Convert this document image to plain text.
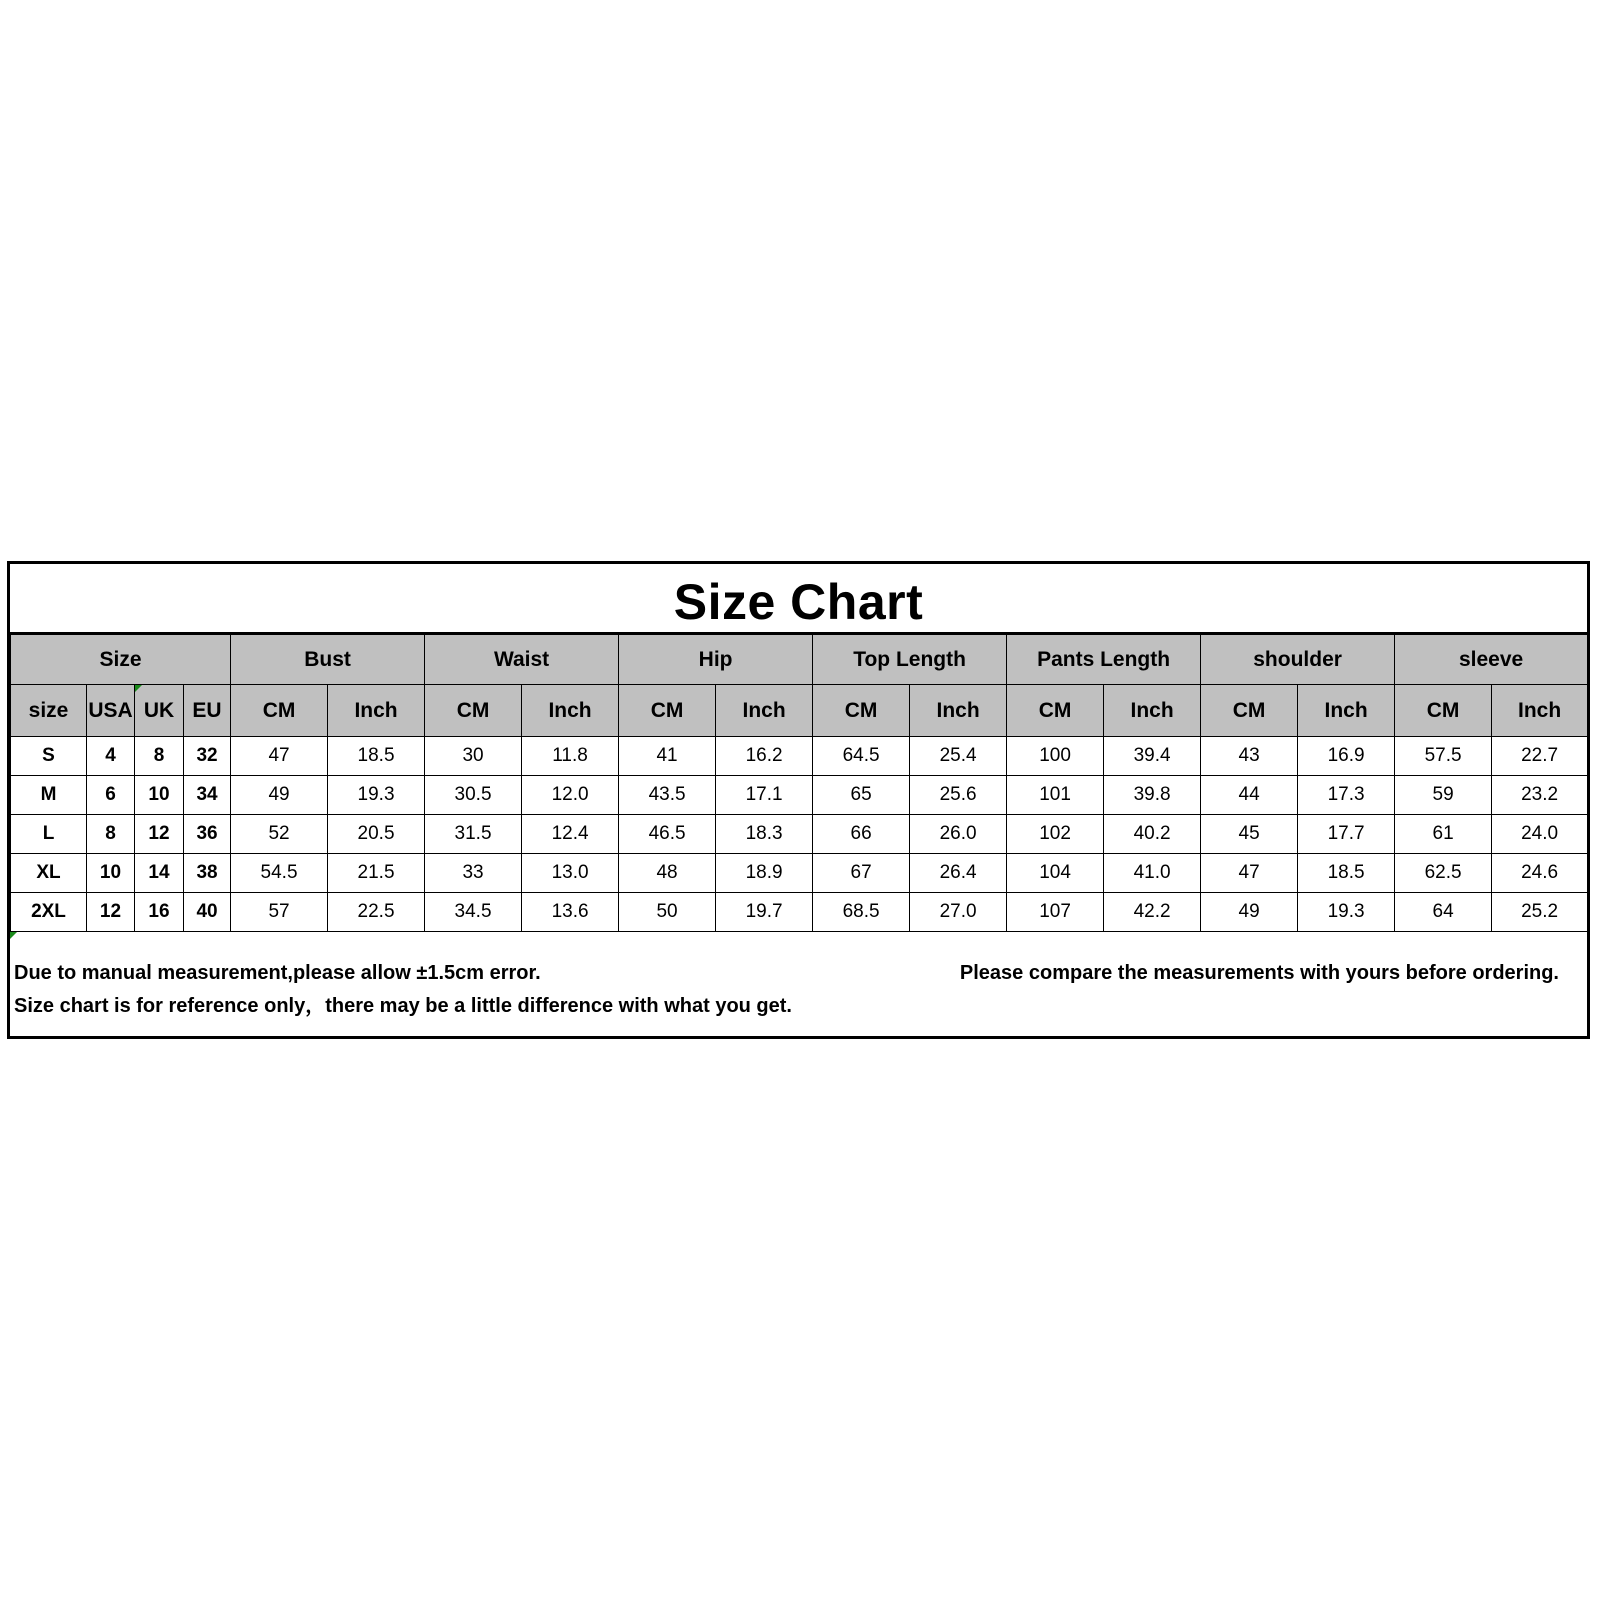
Size Chart
Size				Bust		Waist		Hip		Top Length		Pants Length		shoulder		sleeve	
size	USA	UK	EU	CM	Inch	CM	Inch	CM	Inch	CM	Inch	CM	Inch	CM	Inch	CM	Inch
S	4	8	32	47	18.5	30	11.8	41	16.2	64.5	25.4	100	39.4	43	16.9	57.5	22.7
M	6	10	34	49	19.3	30.5	12.0	43.5	17.1	65	25.6	101	39.8	44	17.3	59	23.2
L	8	12	36	52	20.5	31.5	12.4	46.5	18.3	66	26.0	102	40.2	45	17.7	61	24.0
XL	10	14	38	54.5	21.5	33	13.0	48	18.9	67	26.4	104	41.0	47	18.5	62.5	24.6
2XL	12	16	40	57	22.5	34.5	13.6	50	19.7	68.5	27.0	107	42.2	49	19.3	64	25.2
Due to manual measurement,please allow ±1.5cm error.
Size chart is for reference only，there may be a little difference with what you get.
Please compare the measurements with yours before ordering.
